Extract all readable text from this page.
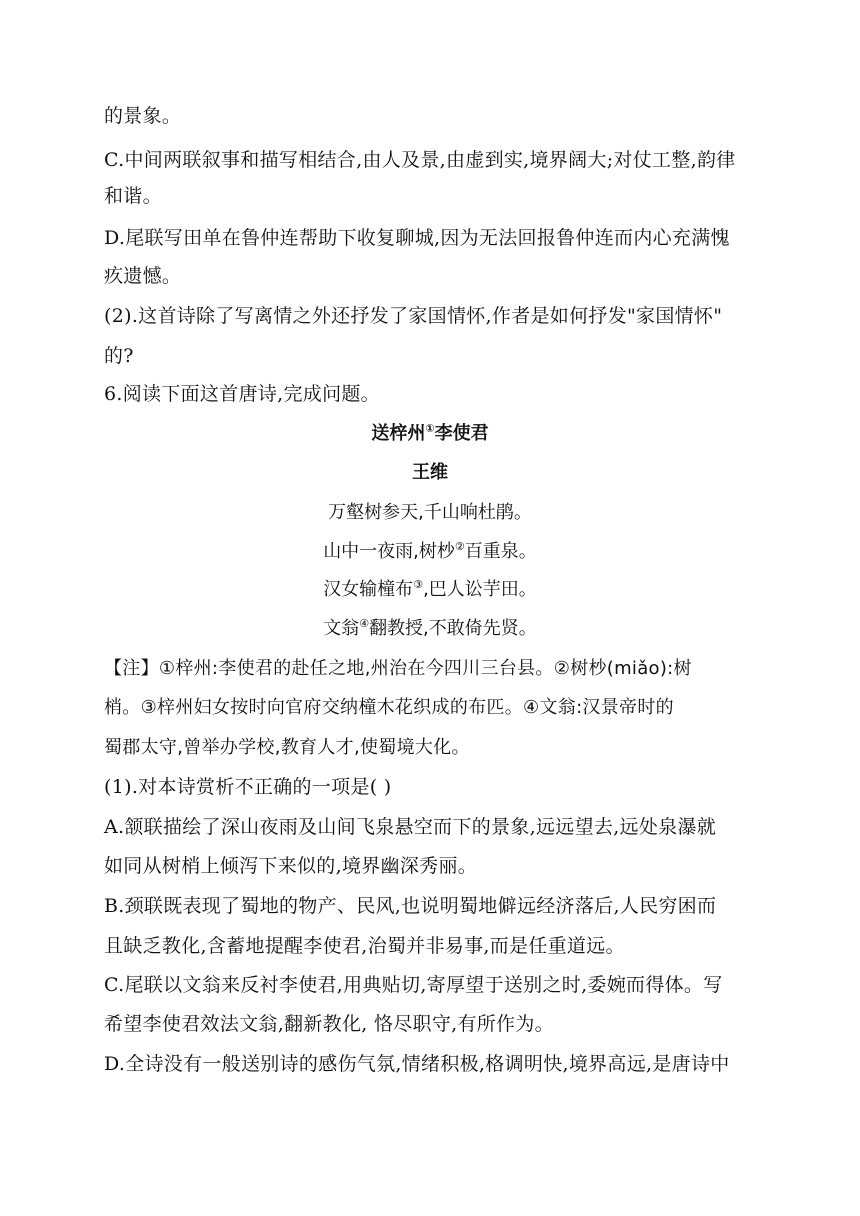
的景象。
C.中间两联叙事和描写相结合,由人及景,由虚到实,境界阔大;对仗工整,韵律
和谐。
D.尾联写田单在鲁仲连帮助下收复聊城,因为无法回报鲁仲连而内心充满愧
疚遗憾。
(2).这首诗除了写离情之外还抒发了家国情怀,作者是如何抒发"家国情怀"
的?
6.阅读下面这首唐诗,完成问题。
送梓州①李使君
王维
万壑树参天,千山响杜鹃。
山中一夜雨,树杪②百重泉。
汉女输橦布③,巴人讼芋田。
文翁④翻教授,不敢倚先贤。
【注】①梓州:李使君的赴任之地,州治在今四川三台县。②树杪(miǎo):树
梢。③梓州妇女按时向官府交纳橦木花织成的布匹。④文翁:汉景帝时的
蜀郡太守,曾举办学校,教育人才,使蜀境大化。
(1).对本诗赏析不正确的一项是( )
A.颔联描绘了深山夜雨及山间飞泉悬空而下的景象,远远望去,远处泉瀑就
如同从树梢上倾泻下来似的,境界幽深秀丽。
B.颈联既表现了蜀地的物产、民风,也说明蜀地僻远经济落后,人民穷困而
且缺乏教化,含蓄地提醒李使君,治蜀并非易事,而是任重道远。
C.尾联以文翁来反衬李使君,用典贴切,寄厚望于送别之时,委婉而得体。写
希望李使君效法文翁,翻新教化, 恪尽职守,有所作为。
D.全诗没有一般送别诗的感伤气氛,情绪积极,格调明快,境界高远,是唐诗中
